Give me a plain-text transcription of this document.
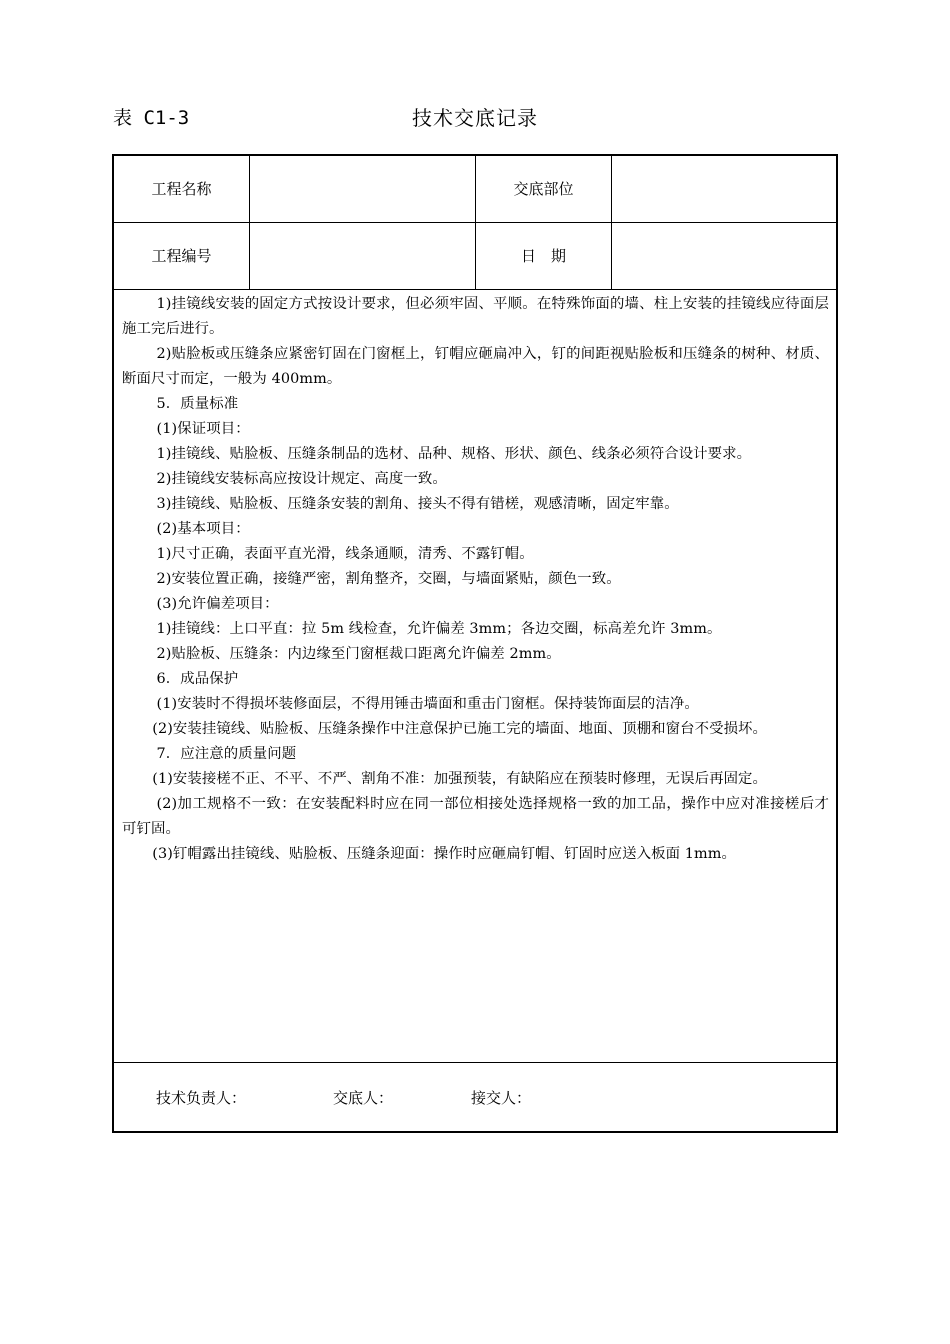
表 C1-3	技术交底记录
工程名称	交底部位
工程编号	日　期

1)挂镜线安装的固定方式按设计要求，但必须牢固、平顺。在特殊饰面的墙、柱上安装的挂镜线应待面层施工完后进行。

2)贴脸板或压缝条应紧密钉固在门窗框上，钉帽应砸扁冲入，钉的间距视贴脸板和压缝条的树种、材质、断面尺寸而定，一般为 400mm。

5．质量标准

(1)保证项目：

1)挂镜线、贴脸板、压缝条制品的选材、品种、规格、形状、颜色、线条必须符合设计要求。

2)挂镜线安装标高应按设计规定、高度一致。

3)挂镜线、贴脸板、压缝条安装的割角、接头不得有错槎，观感清晰，固定牢靠。

(2)基本项目：

1)尺寸正确，表面平直光滑，线条通顺，清秀、不露钉帽。

2)安装位置正确，接缝严密，割角整齐，交圈，与墙面紧贴，颜色一致。

(3)允许偏差项目：

1)挂镜线：上口平直：拉 5m 线检查，允许偏差 3mm；各边交圈，标高差允许 3mm。

2)贴脸板、压缝条：内边缘至门窗框裁口距离允许偏差 2mm。

6．成品保护

(1)安装时不得损坏装修面层，不得用锤击墙面和重击门窗框。保持装饰面层的洁净。

(2)安装挂镜线、贴脸板、压缝条操作中注意保护已施工完的墙面、地面、顶棚和窗台不受损坏。

7．应注意的质量问题

(1)安装接槎不正、不平、不严、割角不准：加强预装，有缺陷应在预装时修理，无误后再固定。

(2)加工规格不一致：在安装配料时应在同一部位相接处选择规格一致的加工品，操作中应对准接槎后才可钉固。

(3)钉帽露出挂镜线、贴脸板、压缝条迎面：操作时应砸扁钉帽、钉固时应送入板面 1mm。

技术负责人：	交底人：	接交人：
